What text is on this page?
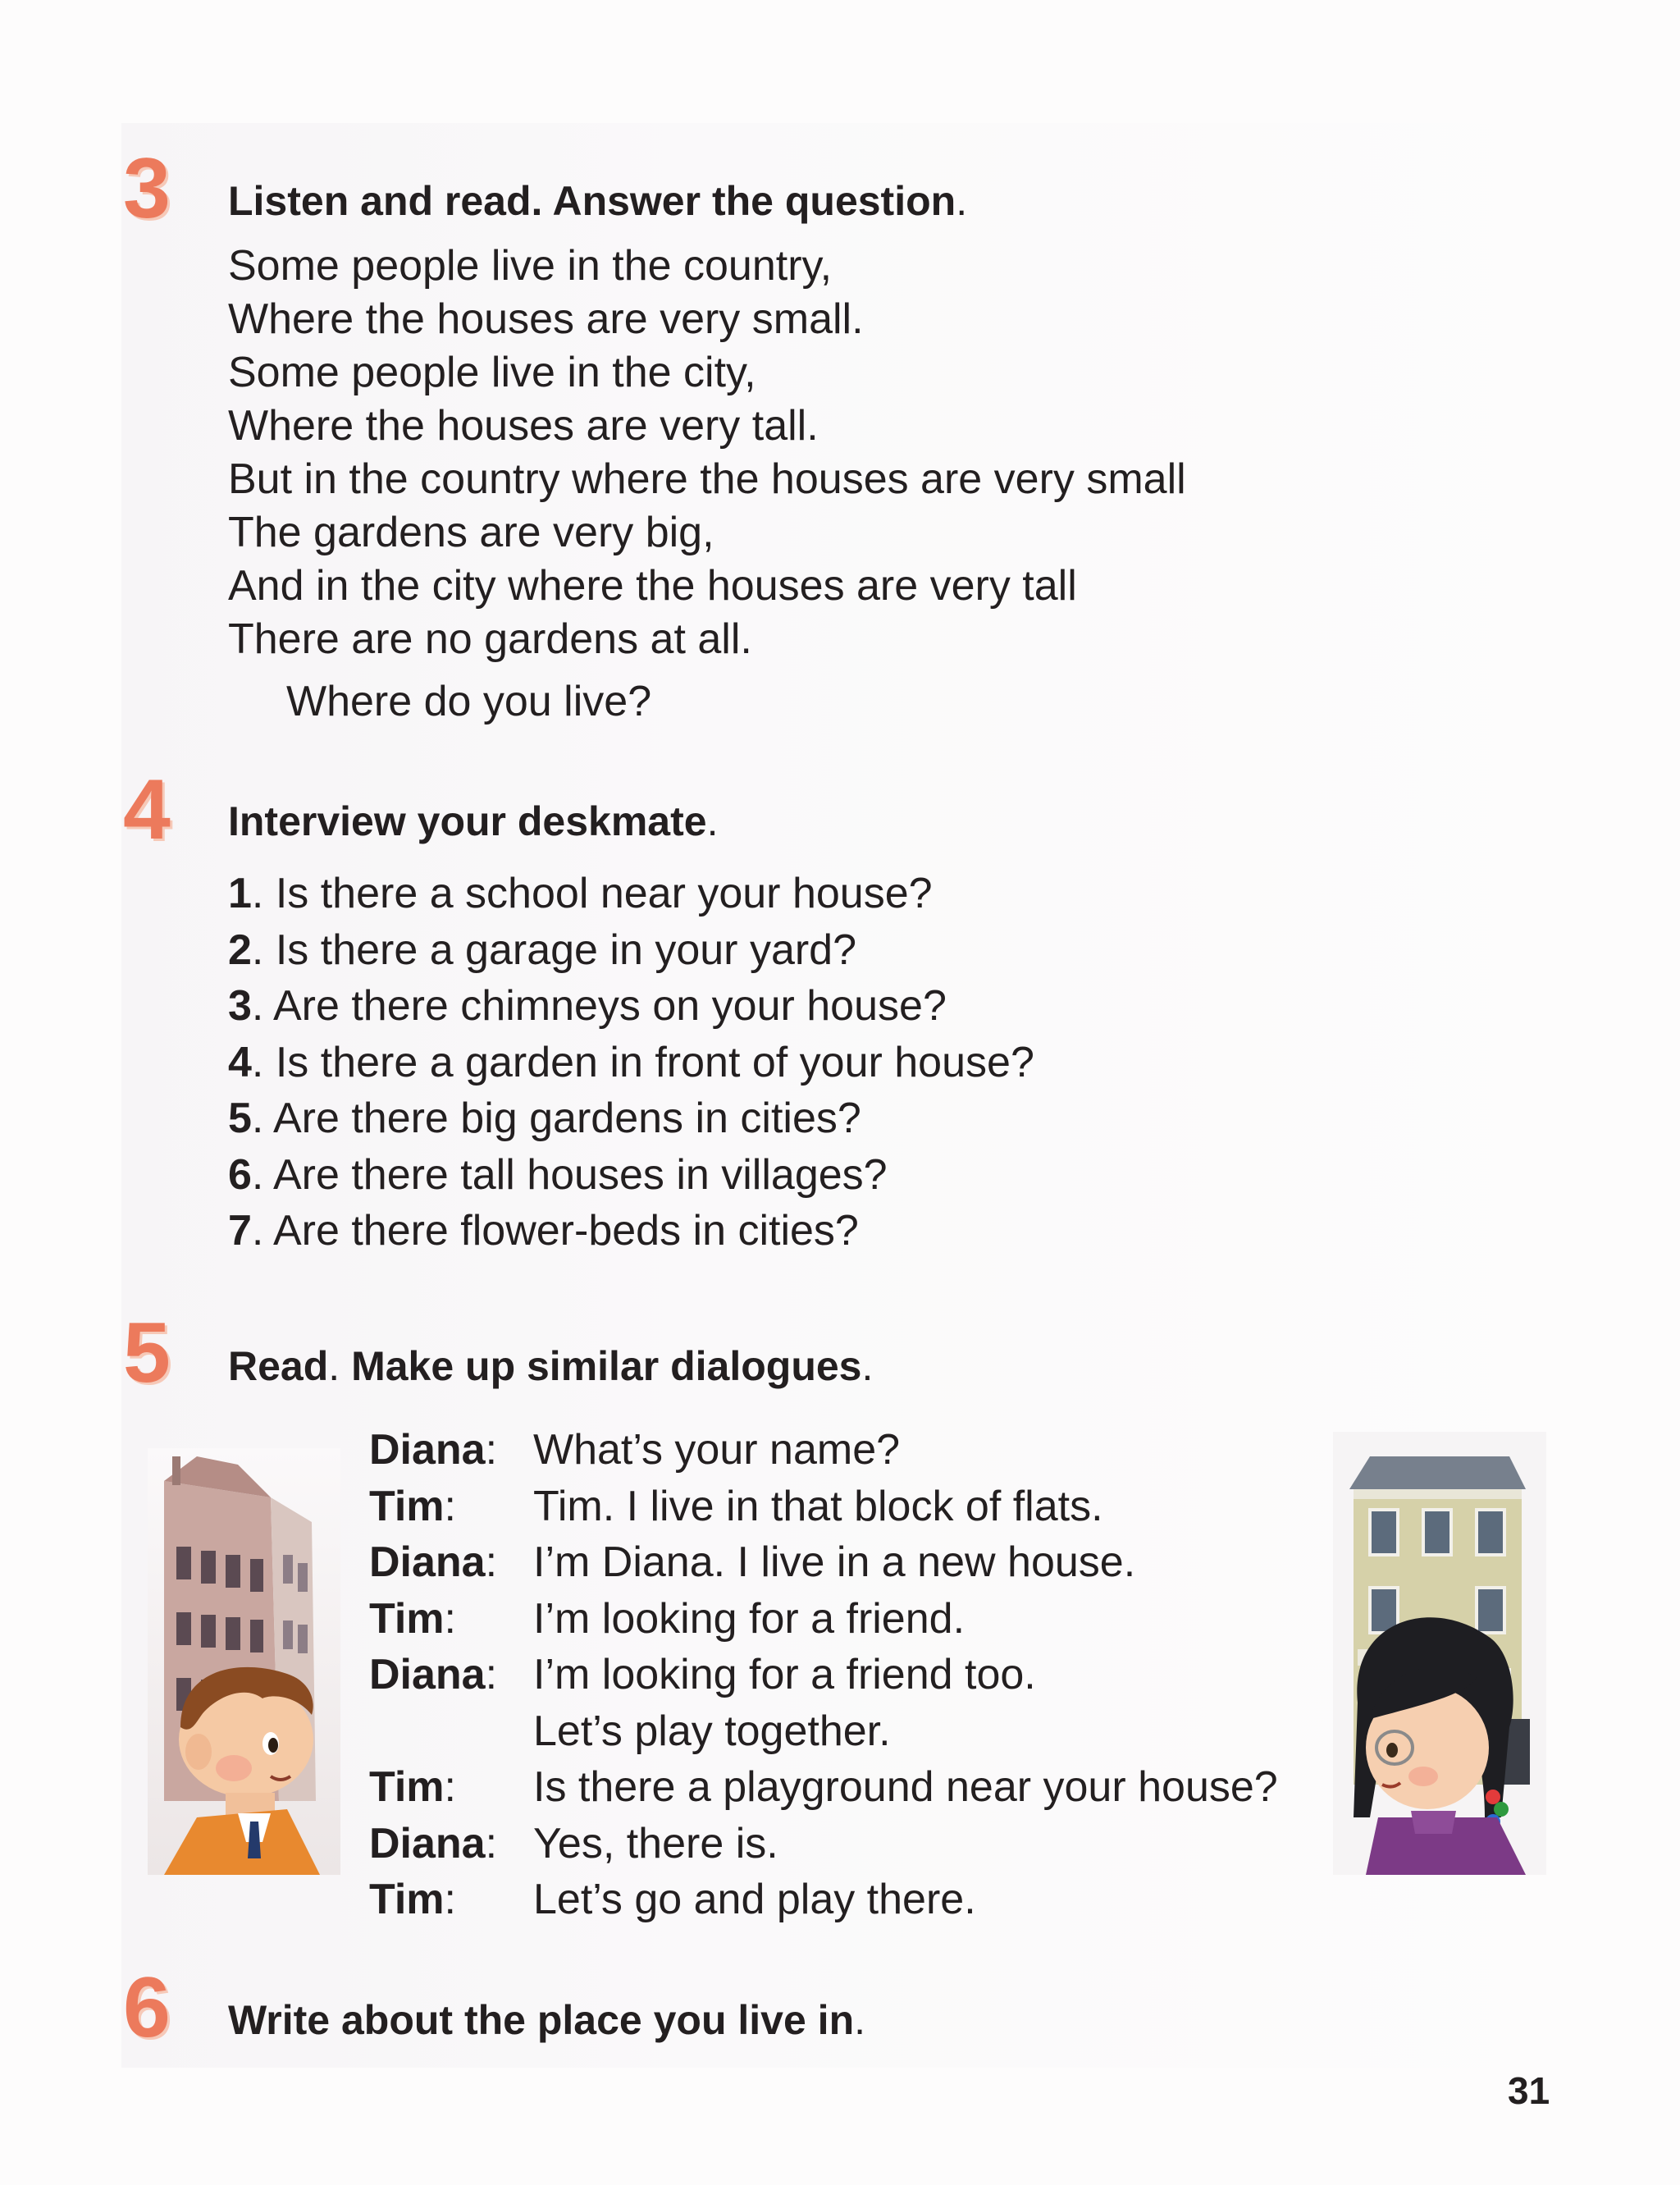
3 Listen and read. Answer the question.
Some people live in the country,
Where the houses are very small.
Some people live in the city,
Where the houses are very tall.
But in the country where the houses are very small
The gardens are very big,
And in the city where the houses are very tall
There are no gardens at all.
Where do you live?
4 Interview your deskmate.
1. Is there a school near your house?
2. Is there a garage in your yard?
3. Are there chimneys on your house?
4. Is there a garden in front of your house?
5. Are there big gardens in cities?
6. Are there tall houses in villages?
7. Are there flower-beds in cities?
5 Read. Make up similar dialogues.
Diana: What’s your name?
Tim:	Tim. I live in that block of flats.
Diana: I’m Diana. I live in a new house.
Tim:	I’m looking for a friend.
Diana: I’m looking for a friend too.
Let’s play together.
Tim:	Is there a playground near your house?
Diana: Yes, there is.
Tim:	Let’s go and play there.
6 Write about the place you live in.
31
